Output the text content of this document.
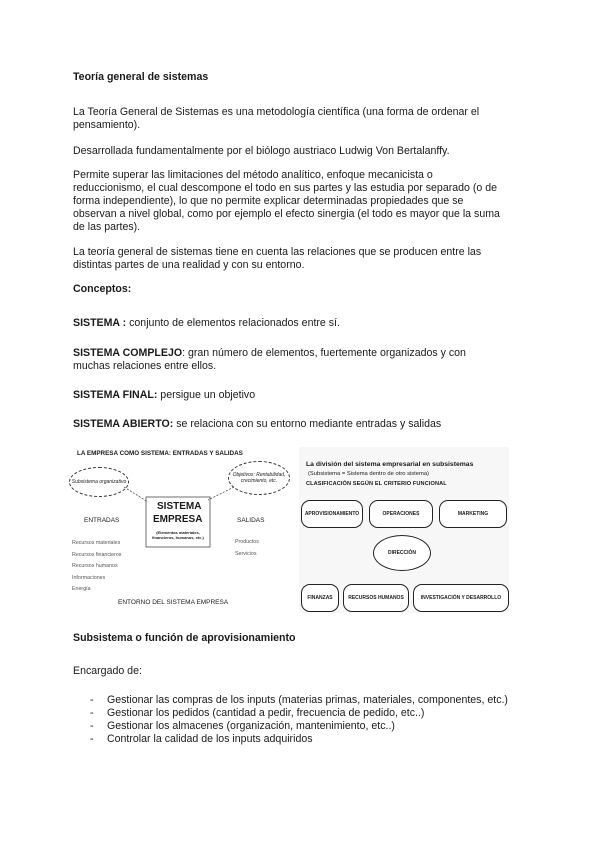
Teoría general de sistemas

La Teoría General de Sistemas es una metodología científica (una forma de ordenar el pensamiento).

Desarrollada fundamentalmente por el biólogo austriaco Ludwig Von Bertalanffy.

Permite superar las limitaciones del método analítico, enfoque mecanicista o reduccionismo, el cual descompone el todo en sus partes y las estudia por separado (o de forma independiente), lo que no permite explicar determinadas propiedades que se observan a nivel global, como por ejemplo el efecto sinergia (el todo es mayor que la suma de las partes).

La teoría general de sistemas tiene en cuenta las relaciones que se producen entre las distintas partes de una realidad y con su entorno.

Conceptos:

SISTEMA : conjunto de elementos relacionados entre sí.

SISTEMA COMPLEJO: gran número de elementos, fuertemente organizados y con muchas relaciones entre ellos.

SISTEMA FINAL: persigue un objetivo

SISTEMA ABIERTO: se relaciona con su entorno mediante entradas y salidas

LA EMPRESA COMO SISTEMA: ENTRADAS Y SALIDAS
Subsistema organizativo
Objetivos: Rentabilidad, crecimiento, etc.
SISTEMA
EMPRESA
(Elementos materiales, financieros, humanos, etc.)
ENTRADAS
Recursos materiales
Recursos financieros
Recursos humanos
Informaciones
Energía
SALIDAS
Productos
Servicios
ENTORNO DEL SISTEMA EMPRESA
La división del sistema empresarial en subsistemas
(Subsistema = Sistema dentro de otro sistema)
CLASIFICACIÓN SEGÚN EL CRITERIO FUNCIONAL
APROVISIONAMIENTO	OPERACIONES	MARKETING
DIRECCIÓN
FINANZAS	RECURSOS HUMANOS	INVESTIGACIÓN Y DESARROLLO

Subsistema o función de aprovisionamiento

Encargado de:

- Gestionar las compras de los inputs (materias primas, materiales, componentes, etc.)
- Gestionar los pedidos (cantidad a pedir, frecuencia de pedido, etc..)
- Gestionar los almacenes (organización, mantenimiento, etc..)
- Controlar la calidad de los inputs adquiridos
